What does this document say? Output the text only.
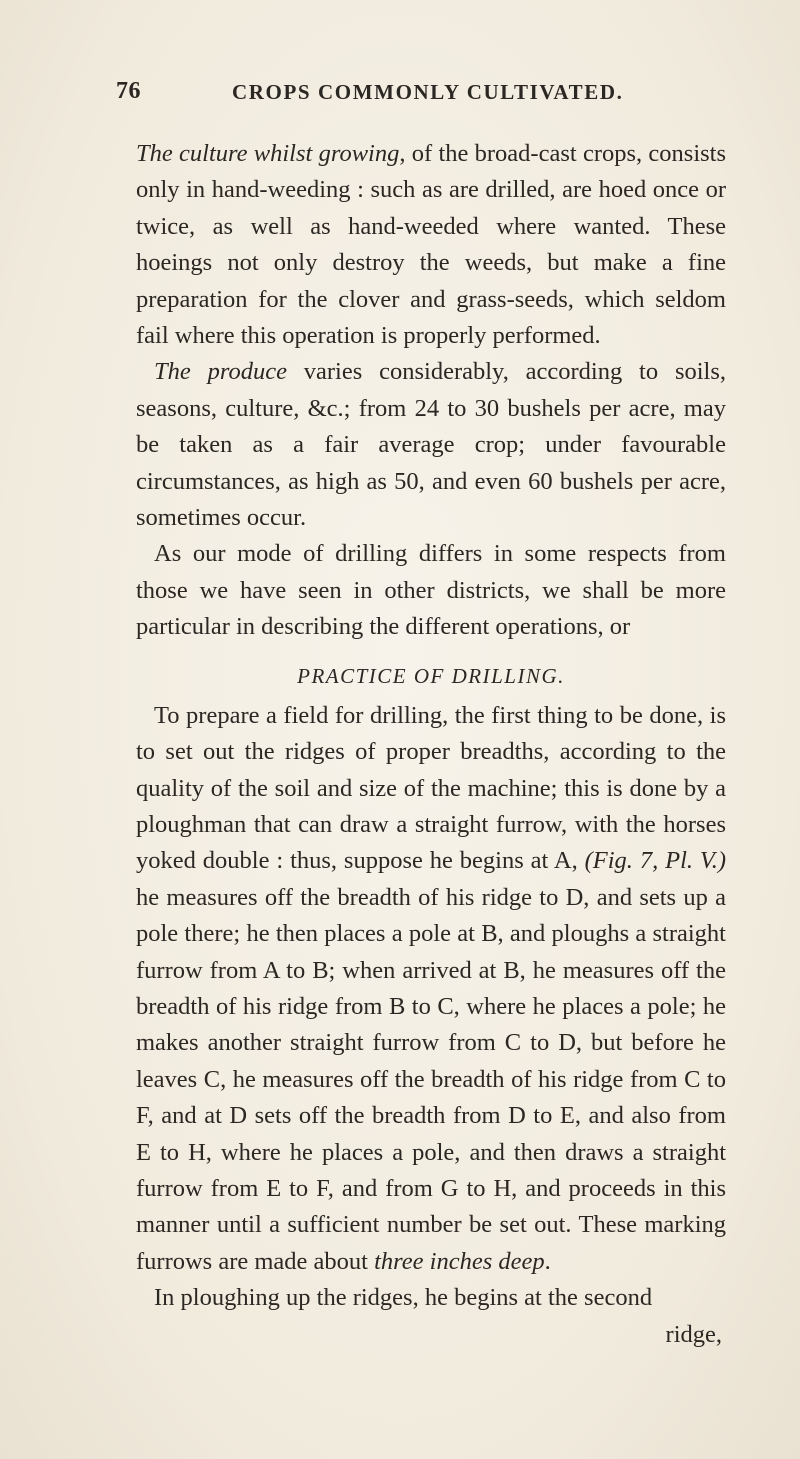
76	CROPS COMMONLY CULTIVATED.

The culture whilst growing, of the broad-cast crops, consists only in hand-weeding : such as are drilled, are hoed once or twice, as well as hand-weeded where wanted. These hoeings not only destroy the weeds, but make a fine preparation for the clover and grass-seeds, which seldom fail where this operation is properly performed.

The produce varies considerably, according to soils, seasons, culture, &c.; from 24 to 30 bushels per acre, may be taken as a fair average crop; under favourable circumstances, as high as 50, and even 60 bushels per acre, sometimes occur.

As our mode of drilling differs in some respects from those we have seen in other districts, we shall be more particular in describing the different operations, or

PRACTICE OF DRILLING.

To prepare a field for drilling, the first thing to be done, is to set out the ridges of proper breadths, according to the quality of the soil and size of the machine; this is done by a ploughman that can draw a straight furrow, with the horses yoked double : thus, suppose he begins at A, (Fig. 7, Pl. V.) he measures off the breadth of his ridge to D, and sets up a pole there; he then places a pole at B, and ploughs a straight furrow from A to B; when arrived at B, he measures off the breadth of his ridge from B to C, where he places a pole; he makes another straight furrow from C to D, but before he leaves C, he measures off the breadth of his ridge from C to F, and at D sets off the breadth from D to E, and also from E to H, where he places a pole, and then draws a straight furrow from E to F, and from G to H, and proceeds in this manner until a sufficient number be set out. These marking furrows are made about three inches deep.

In ploughing up the ridges, he begins at the second

ridge,
